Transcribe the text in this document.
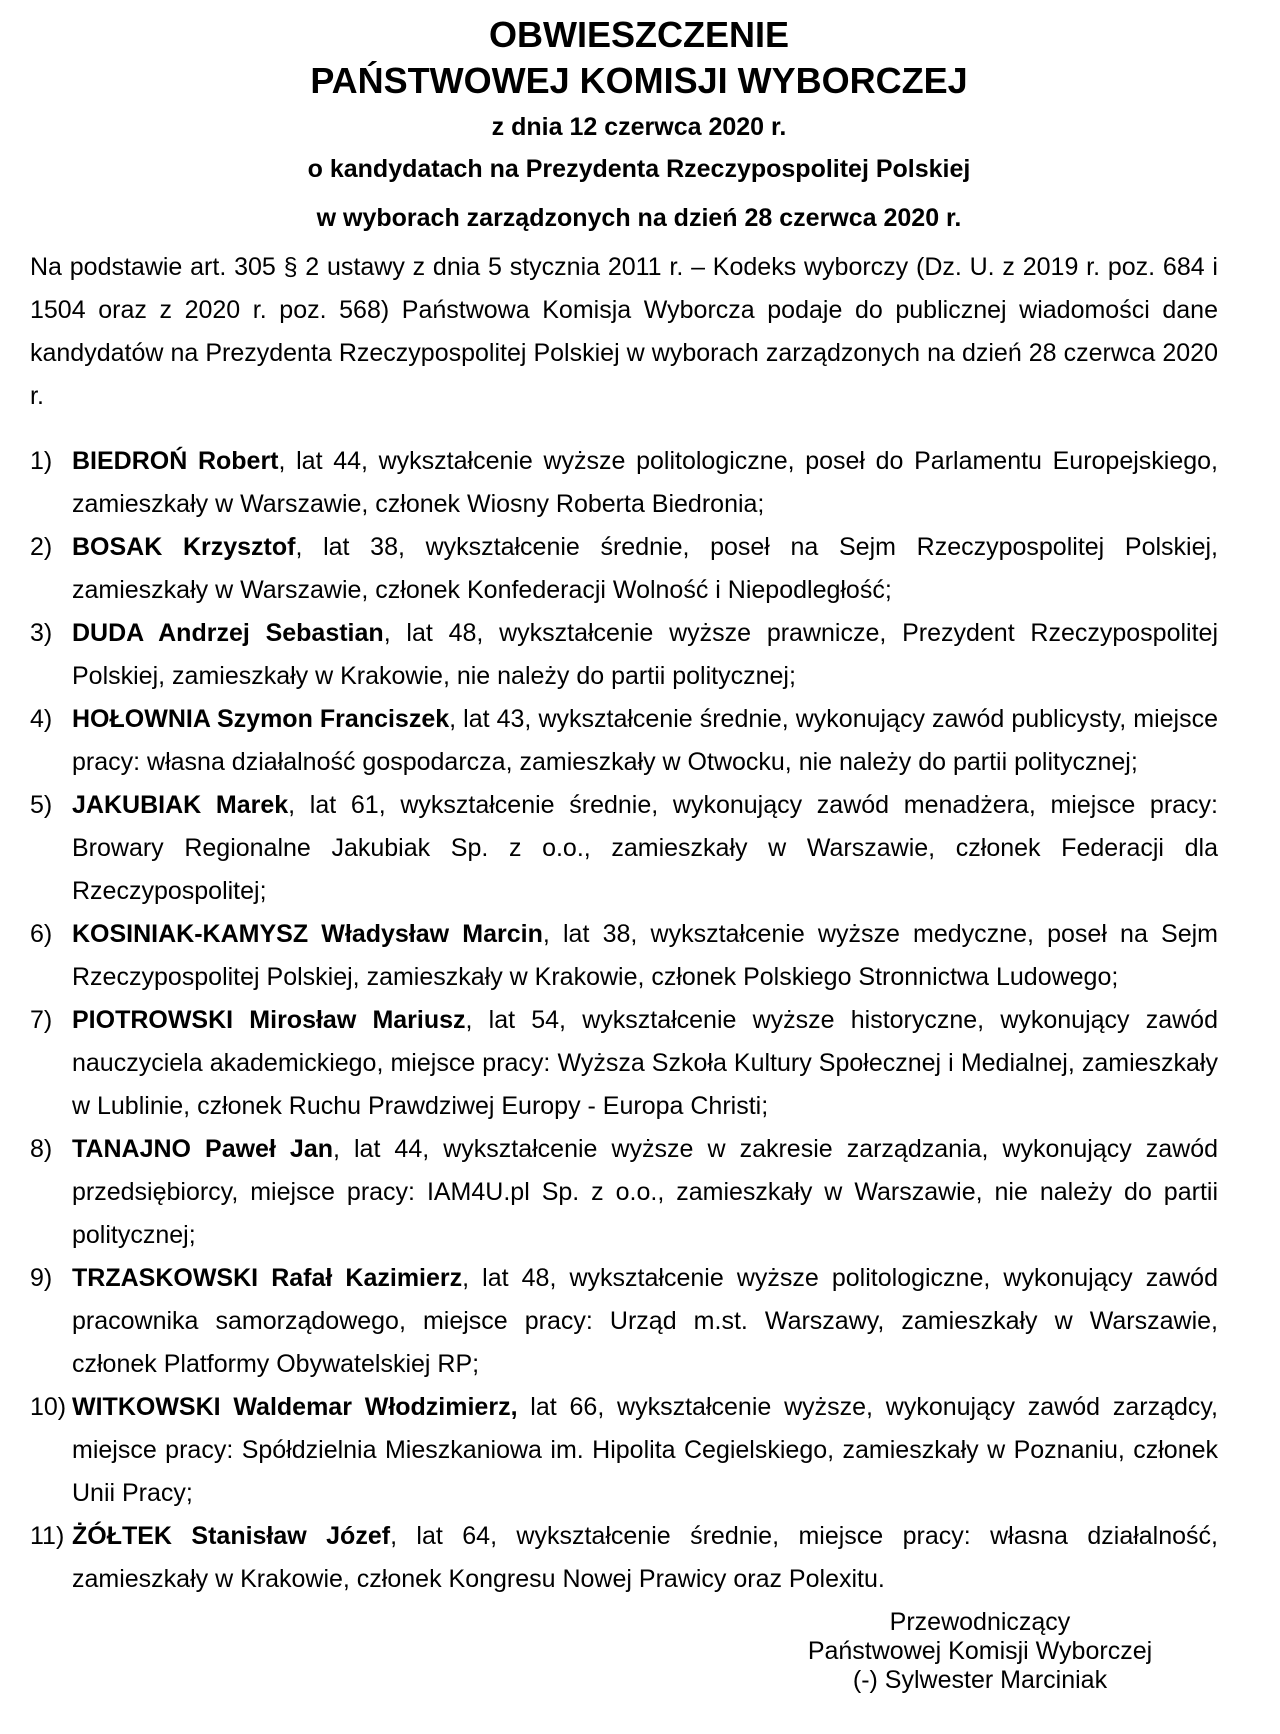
OBWIESZCZENIE
PAŃSTWOWEJ KOMISJI WYBORCZEJ
z dnia 12 czerwca 2020 r.
o kandydatach na Prezydenta Rzeczypospolitej Polskiej
w wyborach zarządzonych na dzień 28 czerwca 2020 r.
Na podstawie art. 305 § 2 ustawy z dnia 5 stycznia 2011 r. – Kodeks wyborczy (Dz. U. z 2019 r. poz. 684 i 1504 oraz z 2020 r. poz. 568) Państwowa Komisja Wyborcza podaje do publicznej wiadomości dane kandydatów na Prezydenta Rzeczypospolitej Polskiej w wyborach zarządzonych na dzień 28 czerwca 2020 r.
1) BIEDROŃ Robert, lat 44, wykształcenie wyższe politologiczne, poseł do Parlamentu Europejskiego, zamieszkały w Warszawie, członek Wiosny Roberta Biedronia;
2) BOSAK Krzysztof, lat 38, wykształcenie średnie, poseł na Sejm Rzeczypospolitej Polskiej, zamieszkały w Warszawie, członek Konfederacji Wolność i Niepodległość;
3) DUDA Andrzej Sebastian, lat 48, wykształcenie wyższe prawnicze, Prezydent Rzeczypospolitej Polskiej, zamieszkały w Krakowie, nie należy do partii politycznej;
4) HOŁOWNIA Szymon Franciszek, lat 43, wykształcenie średnie, wykonujący zawód publicysty, miejsce pracy: własna działalność gospodarcza, zamieszkały w Otwocku, nie należy do partii politycznej;
5) JAKUBIAK Marek, lat 61, wykształcenie średnie, wykonujący zawód menadżera, miejsce pracy: Browary Regionalne Jakubiak Sp. z o.o., zamieszkały w Warszawie, członek Federacji dla Rzeczypospolitej;
6) KOSINIAK-KAMYSZ Władysław Marcin, lat 38, wykształcenie wyższe medyczne, poseł na Sejm Rzeczypospolitej Polskiej, zamieszkały w Krakowie, członek Polskiego Stronnictwa Ludowego;
7) PIOTROWSKI Mirosław Mariusz, lat 54, wykształcenie wyższe historyczne, wykonujący zawód nauczyciela akademickiego, miejsce pracy: Wyższa Szkoła Kultury Społecznej i Medialnej, zamieszkały w Lublinie, członek Ruchu Prawdziwej Europy - Europa Christi;
8) TANAJNO Paweł Jan, lat 44, wykształcenie wyższe w zakresie zarządzania, wykonujący zawód przedsiębiorcy, miejsce pracy: IAM4U.pl Sp. z o.o., zamieszkały w Warszawie, nie należy do partii politycznej;
9) TRZASKOWSKI Rafał Kazimierz, lat 48, wykształcenie wyższe politologiczne, wykonujący zawód pracownika samorządowego, miejsce pracy: Urząd m.st. Warszawy, zamieszkały w Warszawie, członek Platformy Obywatelskiej RP;
10) WITKOWSKI Waldemar Włodzimierz, lat 66, wykształcenie wyższe, wykonujący zawód zarządcy, miejsce pracy: Spółdzielnia Mieszkaniowa im. Hipolita Cegielskiego, zamieszkały w Poznaniu, członek Unii Pracy;
11) ŻÓŁTEK Stanisław Józef, lat 64, wykształcenie średnie, miejsce pracy: własna działalność, zamieszkały w Krakowie, członek Kongresu Nowej Prawicy oraz Polexitu.
Przewodniczący
Państwowej Komisji Wyborczej
(-) Sylwester Marciniak
